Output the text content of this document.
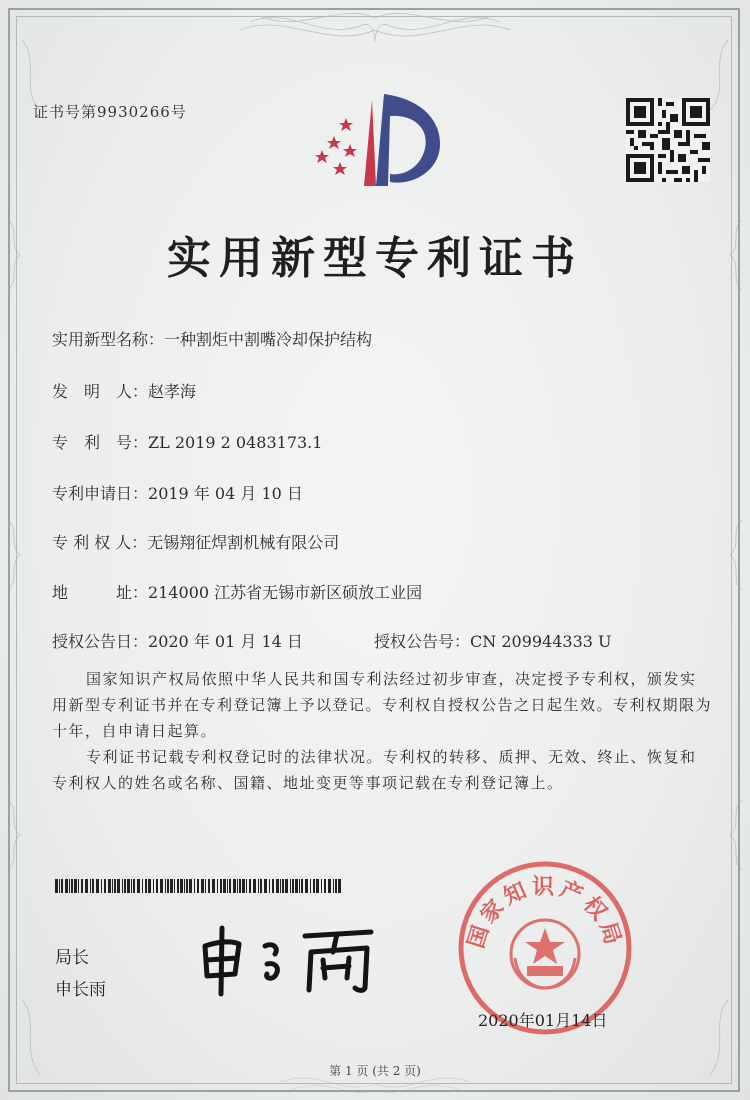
证书号第9930266号
实用新型专利证书
实用新型名称：一种割炬中割嘴冷却保护结构
发　明　人：赵孝海
专　利　号：ZL 2019 2 0483173.1
专利申请日：2019 年 04 月 10 日
专 利 权 人：无锡翔征焊割机械有限公司
地　　　址：214000 江苏省无锡市新区硕放工业园
授权公告日：2020 年 01 月 14 日	授权公告号：CN 209944333 U
国家知识产权局依照中华人民共和国专利法经过初步审查，决定授予专利权，颁发实用新型专利证书并在专利登记簿上予以登记。专利权自授权公告之日起生效。专利权期限为十年，自申请日起算。
专利证书记载专利权登记时的法律状况。专利权的转移、质押、无效、终止、恢复和专利权人的姓名或名称、国籍、地址变更等事项记载在专利登记簿上。
局长
申长雨
国家知识产权局
2020年01月14日
第 1 页 (共 2 页)
